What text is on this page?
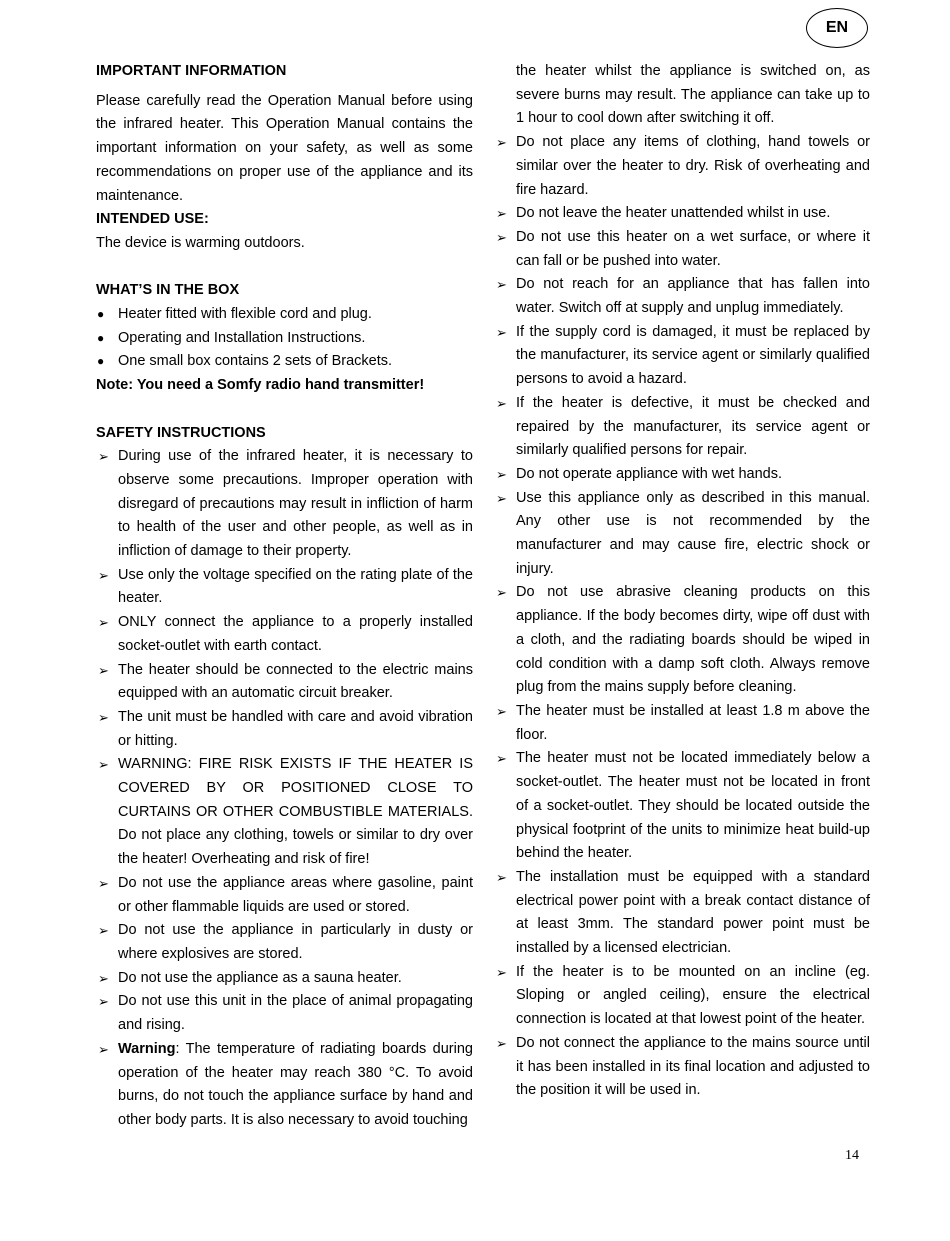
EN

IMPORTANT INFORMATION

Please carefully read the Operation Manual before using the infrared heater. This Operation Manual contains the important information on your safety, as well as some recommendations on proper use of the appliance and its maintenance.

INTENDED USE:

The device is warming outdoors.

WHAT’S IN THE BOX

● Heater fitted with flexible cord and plug.
● Operating and Installation Instructions.
● One small box contains 2 sets of Brackets.

Note: You need a Somfy radio hand transmitter!

SAFETY INSTRUCTIONS

➢ During use of the infrared heater, it is necessary to observe some precautions. Improper operation with disregard of precautions may result in infliction of harm to health of the user and other people, as well as in infliction of damage to their property.
➢ Use only the voltage specified on the rating plate of the heater.
➢ ONLY connect the appliance to a properly installed socket-outlet with earth contact.
➢ The heater should be connected to the electric mains equipped with an automatic circuit breaker.
➢ The unit must be handled with care and avoid vibration or hitting.
➢ WARNING: FIRE RISK EXISTS IF THE HEATER IS COVERED BY OR POSITIONED CLOSE TO CURTAINS OR OTHER COMBUSTIBLE MATERIALS. Do not place any clothing, towels or similar to dry over the heater! Overheating and risk of fire!
➢ Do not use the appliance areas where gasoline, paint or other flammable liquids are used or stored.
➢ Do not use the appliance in particularly in dusty or where explosives are stored.
➢ Do not use the appliance as a sauna heater.
➢ Do not use this unit in the place of animal propagating and rising.
➢ Warning: The temperature of radiating boards during operation of the heater may reach 380 °C. To avoid burns, do not touch the appliance surface by hand and other body parts. It is also necessary to avoid touching

the heater whilst the appliance is switched on, as severe burns may result. The appliance can take up to 1 hour to cool down after switching it off.

➢ Do not place any items of clothing, hand towels or similar over the heater to dry. Risk of overheating and fire hazard.
➢ Do not leave the heater unattended whilst in use.
➢ Do not use this heater on a wet surface, or where it can fall or be pushed into water.
➢ Do not reach for an appliance that has fallen into water. Switch off at supply and unplug immediately.
➢ If the supply cord is damaged, it must be replaced by the manufacturer, its service agent or similarly qualified persons to avoid a hazard.
➢ If the heater is defective, it must be checked and repaired by the manufacturer, its service agent or similarly qualified persons for repair.
➢ Do not operate appliance with wet hands.
➢ Use this appliance only as described in this manual. Any other use is not recommended by the manufacturer and may cause fire, electric shock or injury.
➢ Do not use abrasive cleaning products on this appliance. If the body becomes dirty, wipe off dust with a cloth, and the radiating boards should be wiped in cold condition with a damp soft cloth. Always remove plug from the mains supply before cleaning.
➢ The heater must be installed at least 1.8 m above the floor.
➢ The heater must not be located immediately below a socket-outlet. The heater must not be located in front of a socket-outlet. They should be located outside the physical footprint of the units to minimize heat build-up behind the heater.
➢ The installation must be equipped with a standard electrical power point with a break contact distance of at least 3mm. The standard power point must be installed by a licensed electrician.
➢ If the heater is to be mounted on an incline (eg. Sloping or angled ceiling), ensure the electrical connection is located at that lowest point of the heater.
➢ Do not connect the appliance to the mains source until it has been installed in its final location and adjusted to the position it will be used in.
14
